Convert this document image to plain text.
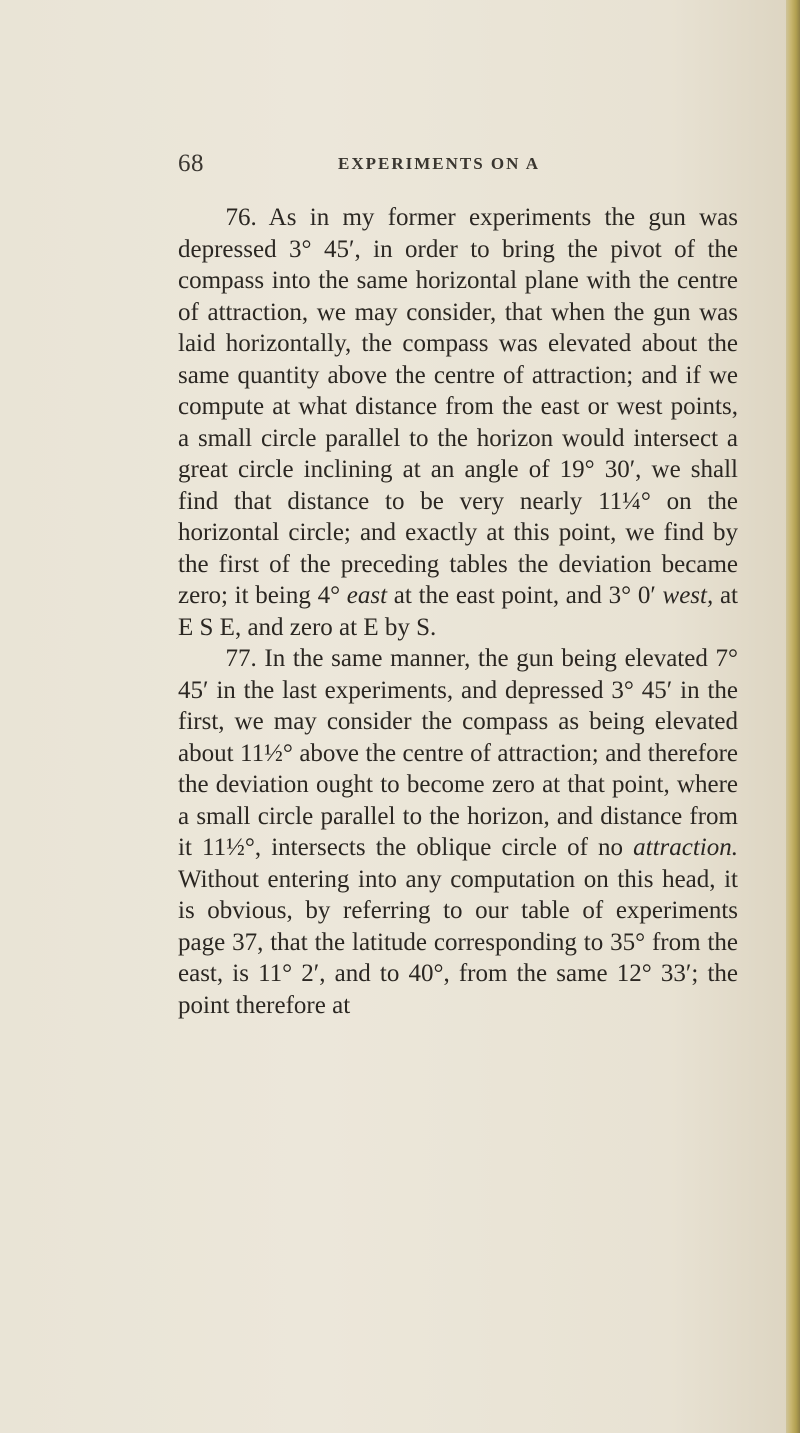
68	EXPERIMENTS ON A

76. As in my former experiments the gun was depressed 3° 45′, in order to bring the pivot of the compass into the same horizontal plane with the centre of attraction, we may consider, that when the gun was laid horizontally, the compass was elevated about the same quantity above the centre of attraction; and if we compute at what distance from the east or west points, a small circle parallel to the horizon would intersect a great circle inclining at an angle of 19° 30′, we shall find that distance to be very nearly 11¼° on the horizontal circle; and exactly at this point, we find by the first of the preceding tables the deviation became zero; it being 4° east at the east point, and 3° 0′ west, at E S E, and zero at E by S.

77. In the same manner, the gun being elevated 7° 45′ in the last experiments, and depressed 3° 45′ in the first, we may consider the compass as being elevated about 11½° above the centre of attraction; and therefore the deviation ought to become zero at that point, where a small circle parallel to the horizon, and distance from it 11½°, intersects the oblique circle of no attraction. Without entering into any computation on this head, it is obvious, by referring to our table of experiments page 37, that the latitude corresponding to 35° from the east, is 11° 2′, and to 40°, from the same 12° 33′; the point therefore at
